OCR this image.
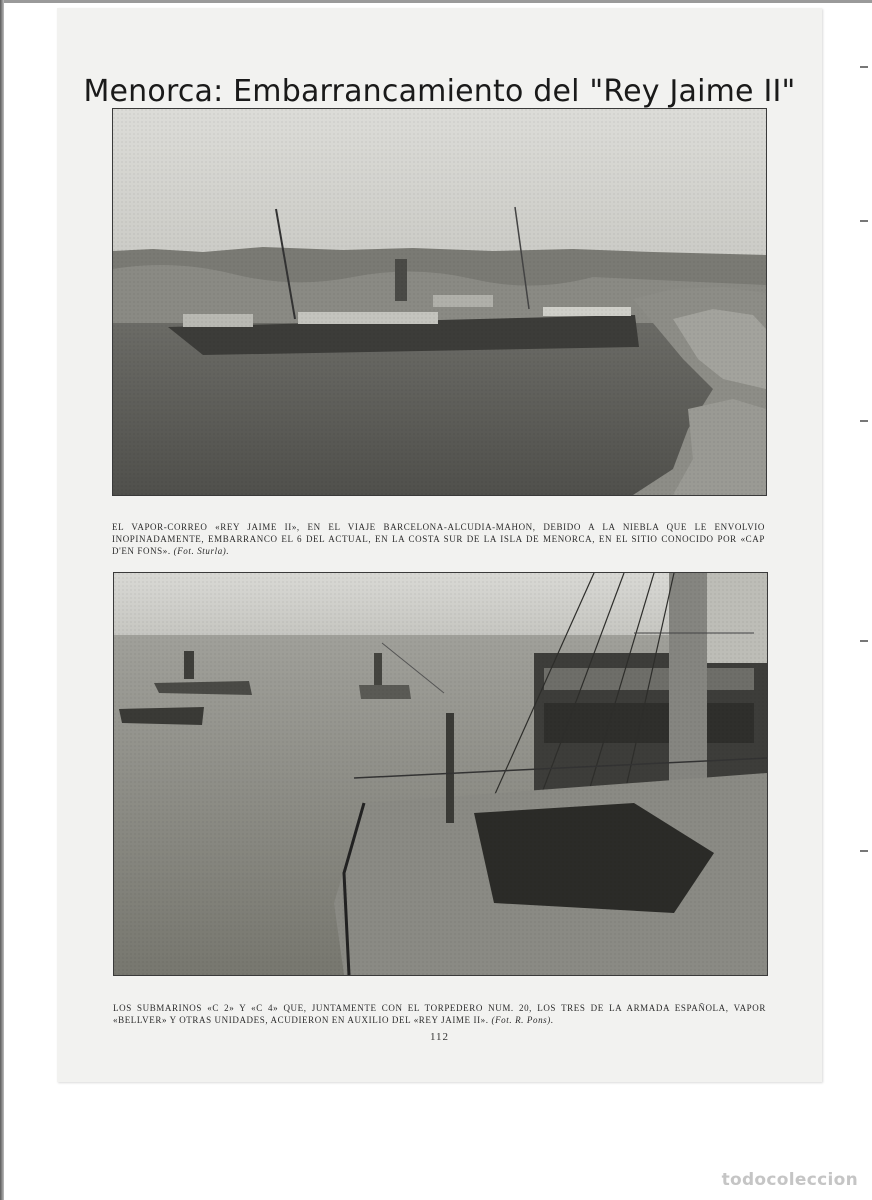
Menorca: Embarrancamiento del "Rey Jaime II"

EL VAPOR-CORREO «REY JAIME II», EN EL VIAJE BARCELONA-ALCUDIA-MAHON, DEBIDO A LA NIEBLA QUE LE ENVOLVIO INOPINADAMENTE, EMBARRANCO EL 6 DEL ACTUAL, EN LA COSTA SUR DE LA ISLA DE MENORCA, EN EL SITIO CONOCIDO POR «CAP D'EN FONS». (Fot. Sturla).

LOS SUBMARINOS «C 2» Y «C 4» QUE, JUNTAMENTE CON EL TORPEDERO NUM. 20, LOS TRES DE LA ARMADA ESPAÑOLA, VAPOR «BELLVER» Y OTRAS UNIDADES, ACUDIERON EN AUXILIO DEL «REY JAIME II». (Fot. R. Pons).

112
todocoleccion
